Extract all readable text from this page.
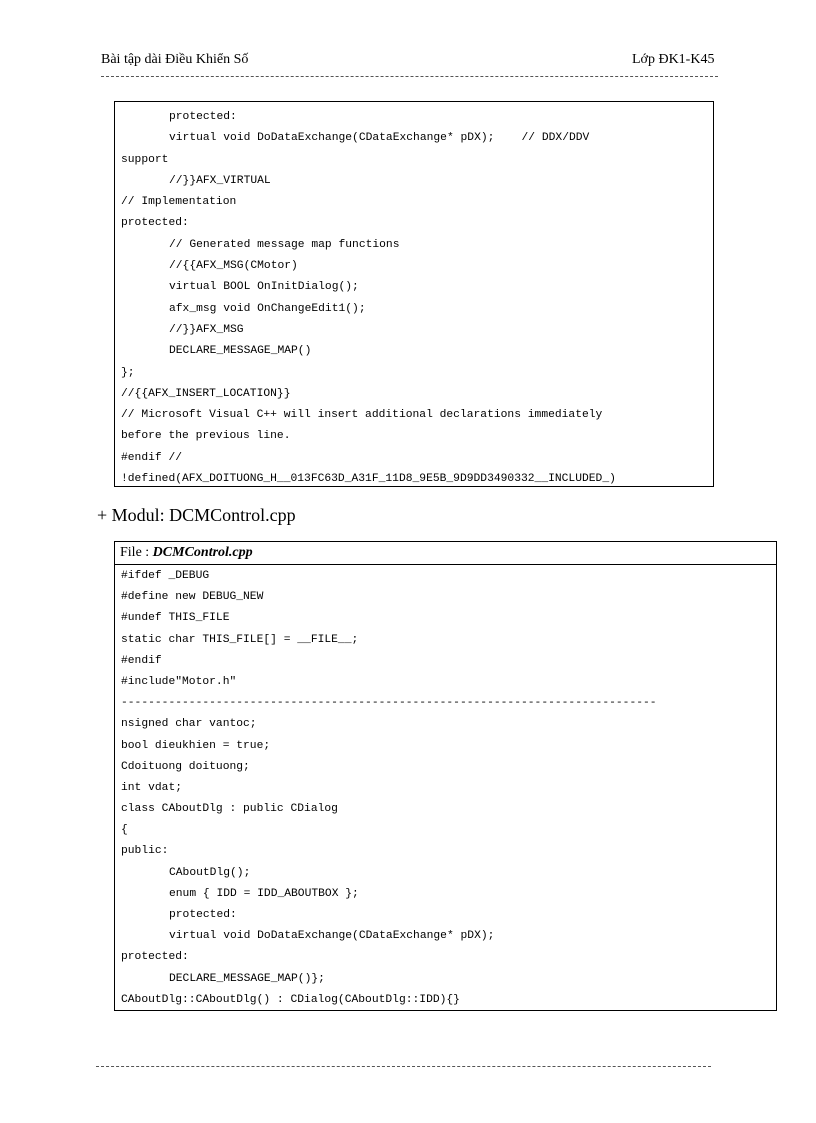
Bài tập dài Điều Khiển Số	Lớp ĐK1-K45
protected:
virtual void DoDataExchange(CDataExchange* pDX);    // DDX/DDV
support
//}}AFX_VIRTUAL
// Implementation
protected:
// Generated message map functions
//{{AFX_MSG(CMotor)
virtual BOOL OnInitDialog();
afx_msg void OnChangeEdit1();
//}}AFX_MSG
DECLARE_MESSAGE_MAP()
};
//{{AFX_INSERT_LOCATION}}
// Microsoft Visual C++ will insert additional declarations immediately
before the previous line.
#endif //
!defined(AFX_DOITUONG_H__013FC63D_A31F_11D8_9E5B_9D9DD3490332__INCLUDED_)
+ Modul: DCMControl.cpp
File : DCMControl.cpp
#ifdef _DEBUG
#define new DEBUG_NEW
#undef THIS_FILE
static char THIS_FILE[] = __FILE__;
#endif
#include"Motor.h"
-------------------------------------------------------------------------------
nsigned char vantoc;
bool dieukhien = true;
Cdoituong doituong;
int vdat;
class CAboutDlg : public CDialog
{
public:
CAboutDlg();
enum { IDD = IDD_ABOUTBOX };
protected:
virtual void DoDataExchange(CDataExchange* pDX);
protected:
DECLARE_MESSAGE_MAP()};
CAboutDlg::CAboutDlg() : CDialog(CAboutDlg::IDD){}
